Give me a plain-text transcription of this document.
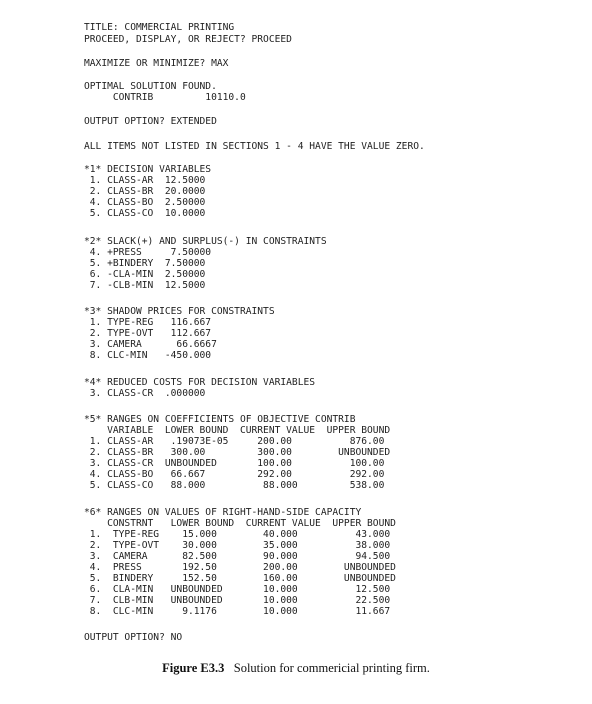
TITLE: COMMERCIAL PRINTING

PROCEED, DISPLAY, OR REJECT? PROCEED

MAXIMIZE OR MINIMIZE? MAX

OPTIMAL SOLUTION FOUND.

CONTRIB         10110.0

OUTPUT OPTION? EXTENDED

ALL ITEMS NOT LISTED IN SECTIONS 1 - 4 HAVE THE VALUE ZERO.

*1* DECISION VARIABLES

1. CLASS-AR  12.5000

2. CLASS-BR  20.0000

4. CLASS-BO  2.50000

5. CLASS-CO  10.0000

*2* SLACK(+) AND SURPLUS(-) IN CONSTRAINTS

4. +PRESS     7.50000

5. +BINDERY  7.50000

6. -CLA-MIN  2.50000

7. -CLB-MIN  12.5000

*3* SHADOW PRICES FOR CONSTRAINTS

1. TYPE-REG   116.667

2. TYPE-OVT   112.667

3. CAMERA      66.6667

8. CLC-MIN   -450.000

*4* REDUCED COSTS FOR DECISION VARIABLES

3. CLASS-CR  .000000

*5* RANGES ON COEFFICIENTS OF OBJECTIVE CONTRIB

VARIABLE  LOWER BOUND  CURRENT VALUE  UPPER BOUND

1. CLASS-AR   .19073E-05     200.00          876.00

2. CLASS-BR   300.00         300.00        UNBOUNDED

3. CLASS-CR  UNBOUNDED       100.00          100.00

4. CLASS-BO   66.667         292.00          292.00

5. CLASS-CO   88.000          88.000         538.00

*6* RANGES ON VALUES OF RIGHT-HAND-SIDE CAPACITY

CONSTRNT   LOWER BOUND  CURRENT VALUE  UPPER BOUND

1.  TYPE-REG    15.000        40.000          43.000

2.  TYPE-OVT    30.000        35.000          38.000

3.  CAMERA      82.500        90.000          94.500

4.  PRESS       192.50        200.00        UNBOUNDED

5.  BINDERY     152.50        160.00        UNBOUNDED

6.  CLA-MIN   UNBOUNDED       10.000          12.500

7.  CLB-MIN   UNBOUNDED       10.000          22.500

8.  CLC-MIN     9.1176        10.000          11.667

OUTPUT OPTION? NO

Figure E3.3 Solution for commericial printing firm.
